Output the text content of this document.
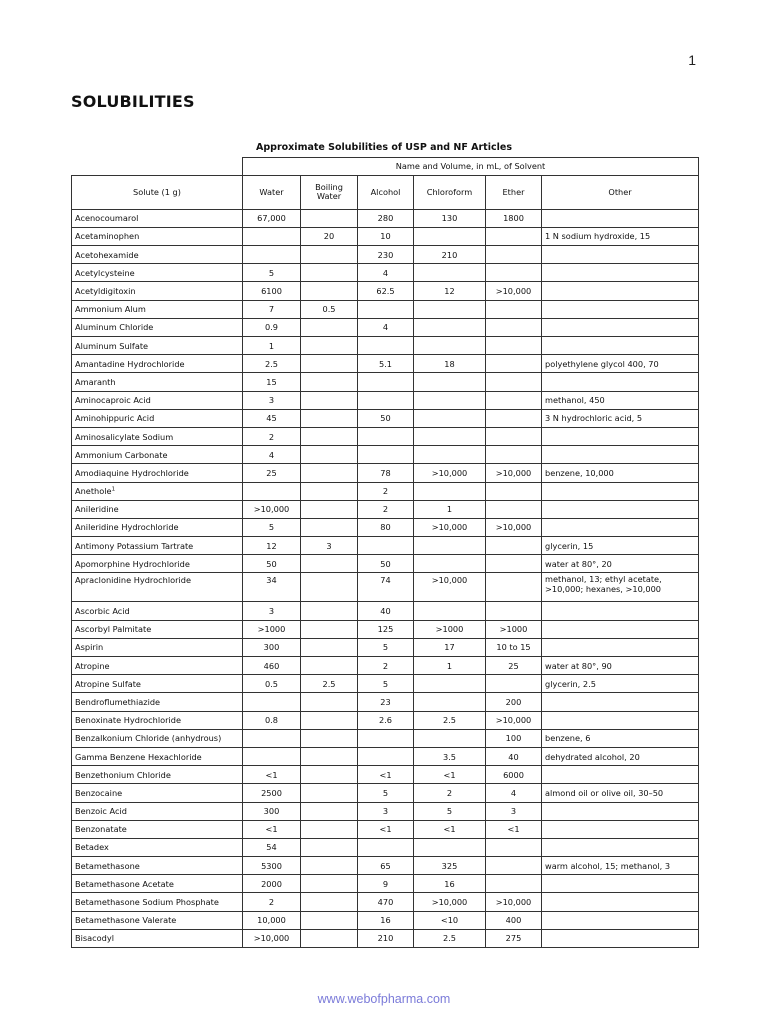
1
SOLUBILITIES
Approximate Solubilities of USP and NF Articles
	Name and Volume, in mL, of Solvent					
Solute (1 g)	Water	Boiling Water	Alcohol	Chloroform	Ether	Other
Acenocoumarol	67,000		280	130	1800	
Acetaminophen		20	10			1 N sodium hydroxide, 15
Acetohexamide			230	210		
Acetylcysteine	5		4			
Acetyldigitoxin	6100		62.5	12	>10,000	
Ammonium Alum	7	0.5				
Aluminum Chloride	0.9		4			
Aluminum Sulfate	1					
Amantadine Hydrochloride	2.5		5.1	18		polyethylene glycol 400, 70
Amaranth	15					
Aminocaproic Acid	3					methanol, 450
Aminohippuric Acid	45		50			3 N hydrochloric acid, 5
Aminosalicylate Sodium	2					
Ammonium Carbonate	4					
Amodiaquine Hydrochloride	25		78	>10,000	>10,000	benzene, 10,000
Anethole$^1$			2			
Anileridine	>10,000		2	1		
Anileridine Hydrochloride	5		80	>10,000	>10,000	
Antimony Potassium Tartrate	12	3				glycerin, 15
Apomorphine Hydrochloride	50		50			water at 80°, 20
Apraclonidine Hydrochloride	34		74	>10,000		methanol, 13; ethyl acetate, >10,000; hexanes, >10,000
Ascorbic Acid	3		40			
Ascorbyl Palmitate	>1000		125	>1000	>1000	
Aspirin	300		5	17	10 to 15	
Atropine	460		2	1	25	water at 80°, 90
Atropine Sulfate	0.5	2.5	5			glycerin, 2.5
Bendroflumethiazide			23		200	
Benoxinate Hydrochloride	0.8		2.6	2.5	>10,000	
Benzalkonium Chloride (anhydrous)					100	benzene, 6
Gamma Benzene Hexachloride				3.5	40	dehydrated alcohol, 20
Benzethonium Chloride	<1		<1	<1	6000	
Benzocaine	2500		5	2	4	almond oil or olive oil, 30–50
Benzoic Acid	300		3	5	3	
Benzonatate	<1		<1	<1	<1	
Betadex	54					
Betamethasone	5300		65	325		warm alcohol, 15; methanol, 3
Betamethasone Acetate	2000		9	16		
Betamethasone Sodium Phosphate	2		470	>10,000	>10,000	
Betamethasone Valerate	10,000		16	<10	400	
Bisacodyl	>10,000		210	2.5	275	
www.webofpharma.com
